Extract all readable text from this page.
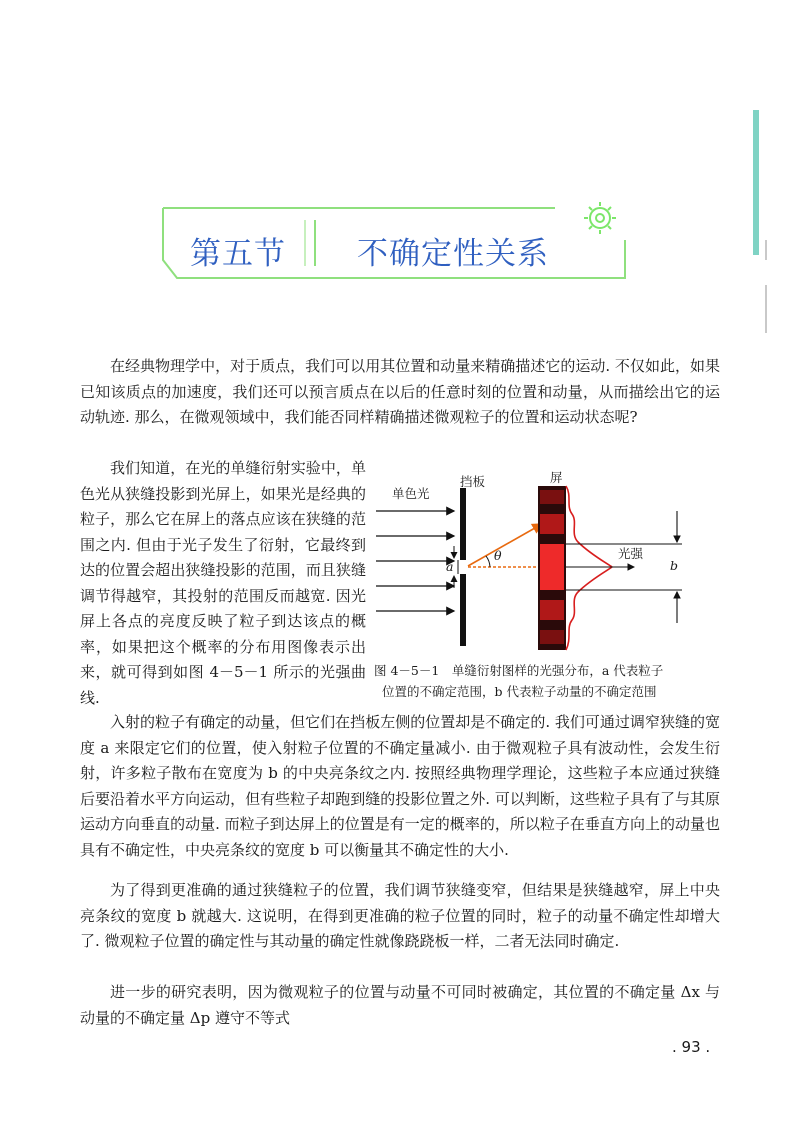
第五节 不确定性关系

在经典物理学中，对于质点，我们可以用其位置和动量来精确描述它的运动. 不仅如此，如果已知该质点的加速度，我们还可以预言质点在以后的任意时刻的位置和动量，从而描绘出它的运动轨迹. 那么，在微观领域中，我们能否同样精确描述微观粒子的位置和运动状态呢?

我们知道，在光的单缝衍射实验中，单色光从狭缝投影到光屏上，如果光是经典的粒子，那么它在屏上的落点应该在狭缝的范围之内. 但由于光子发生了衍射，它最终到达的位置会超出狭缝投影的范围，而且狭缝调节得越窄，其投射的范围反而越宽. 因光屏上各点的亮度反映了粒子到达该点的概率，如果把这个概率的分布用图像表示出来，就可得到如图 4－5－1 所示的光强曲线.

单色光
挡板	屏
光强
a	b
θ

图 4－5－1　单缝衍射图样的光强分布，a 代表粒子
位置的不确定范围，b 代表粒子动量的不确定范围

入射的粒子有确定的动量，但它们在挡板左侧的位置却是不确定的. 我们可通过调窄狭缝的宽度 a 来限定它们的位置，使入射粒子位置的不确定量减小. 由于微观粒子具有波动性，会发生衍射，许多粒子散布在宽度为 b 的中央亮条纹之内. 按照经典物理学理论，这些粒子本应通过狭缝后要沿着水平方向运动，但有些粒子却跑到缝的投影位置之外. 可以判断，这些粒子具有了与其原运动方向垂直的动量. 而粒子到达屏上的位置是有一定的概率的，所以粒子在垂直方向上的动量也具有不确定性，中央亮条纹的宽度 b 可以衡量其不确定性的大小.

为了得到更准确的通过狭缝粒子的位置，我们调节狭缝变窄，但结果是狭缝越窄，屏上中央亮条纹的宽度 b 就越大. 这说明，在得到更准确的粒子位置的同时，粒子的动量不确定性却增大了. 微观粒子位置的确定性与其动量的确定性就像跷跷板一样，二者无法同时确定.

进一步的研究表明，因为微观粒子的位置与动量不可同时被确定，其位置的不确定量 Δx 与动量的不确定量 Δp 遵守不等式

. 93 .
